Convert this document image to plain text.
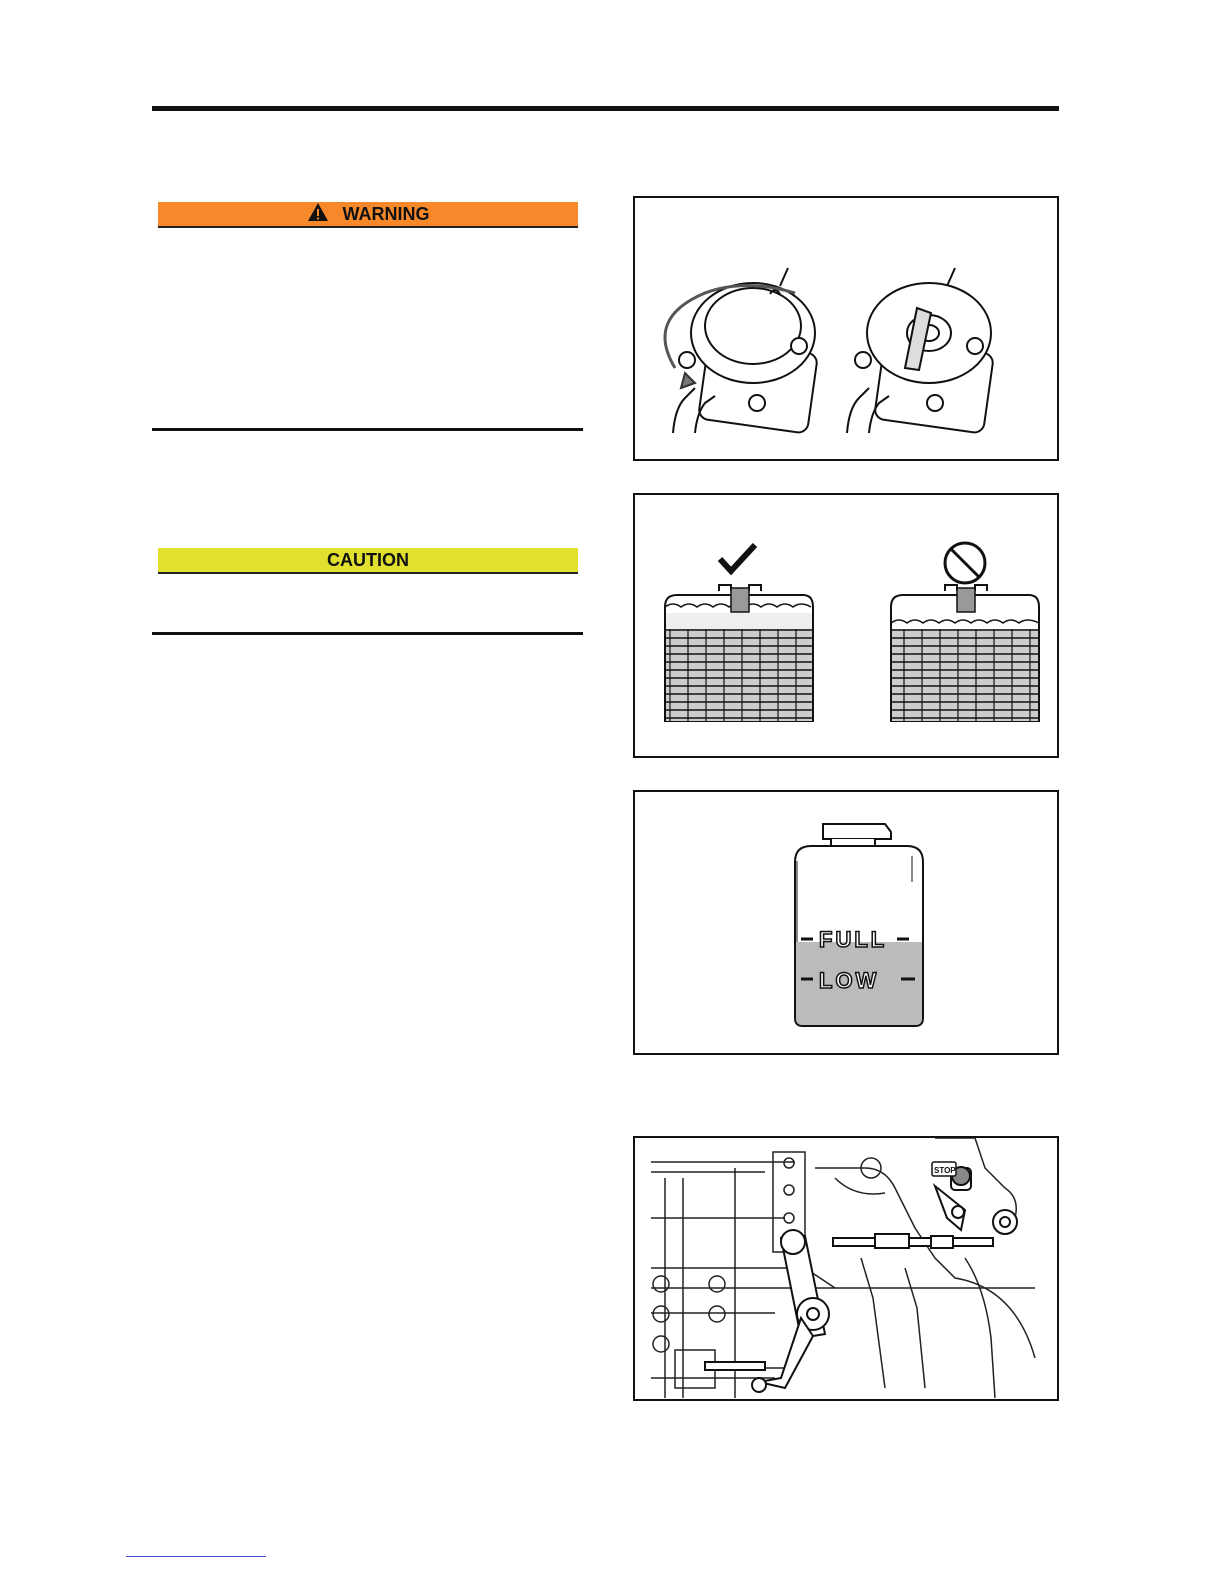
WARNING
CAUTION
FULL
LOW
STOP
